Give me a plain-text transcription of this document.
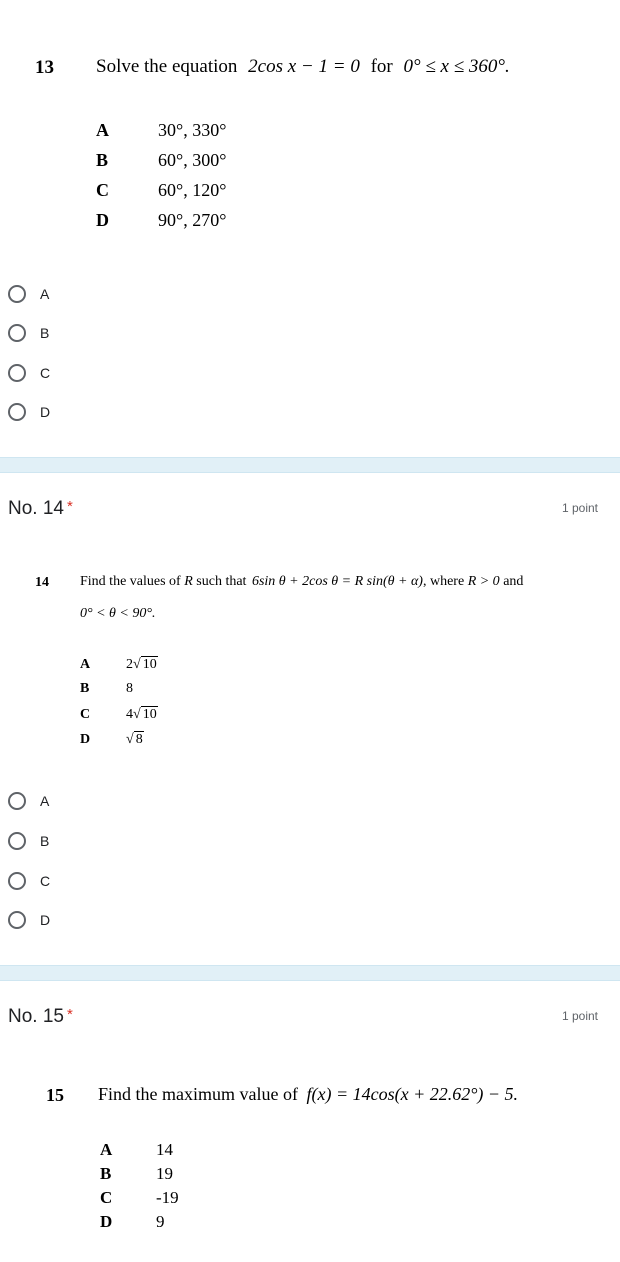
13 Solve the equation 2cos x − 1 = 0 for 0° ≤ x ≤ 360°.
A	30°, 330°
B	60°, 300°
C	60°, 120°
D	90°, 270°
A
B
C
D
No. 14 *	1 point
14 Find the values of R such that 6sin θ + 2cos θ = R sin(θ + α), where R > 0 and
0° < θ < 90°.
A	2√ 10
B	8
C	4√ 10
D	√ 8
A
B
C
D
No. 15 *	1 point
15 Find the maximum value of f(x) = 14cos(x + 22.62°) − 5.
A	14
B	19
C	-19
D	9
